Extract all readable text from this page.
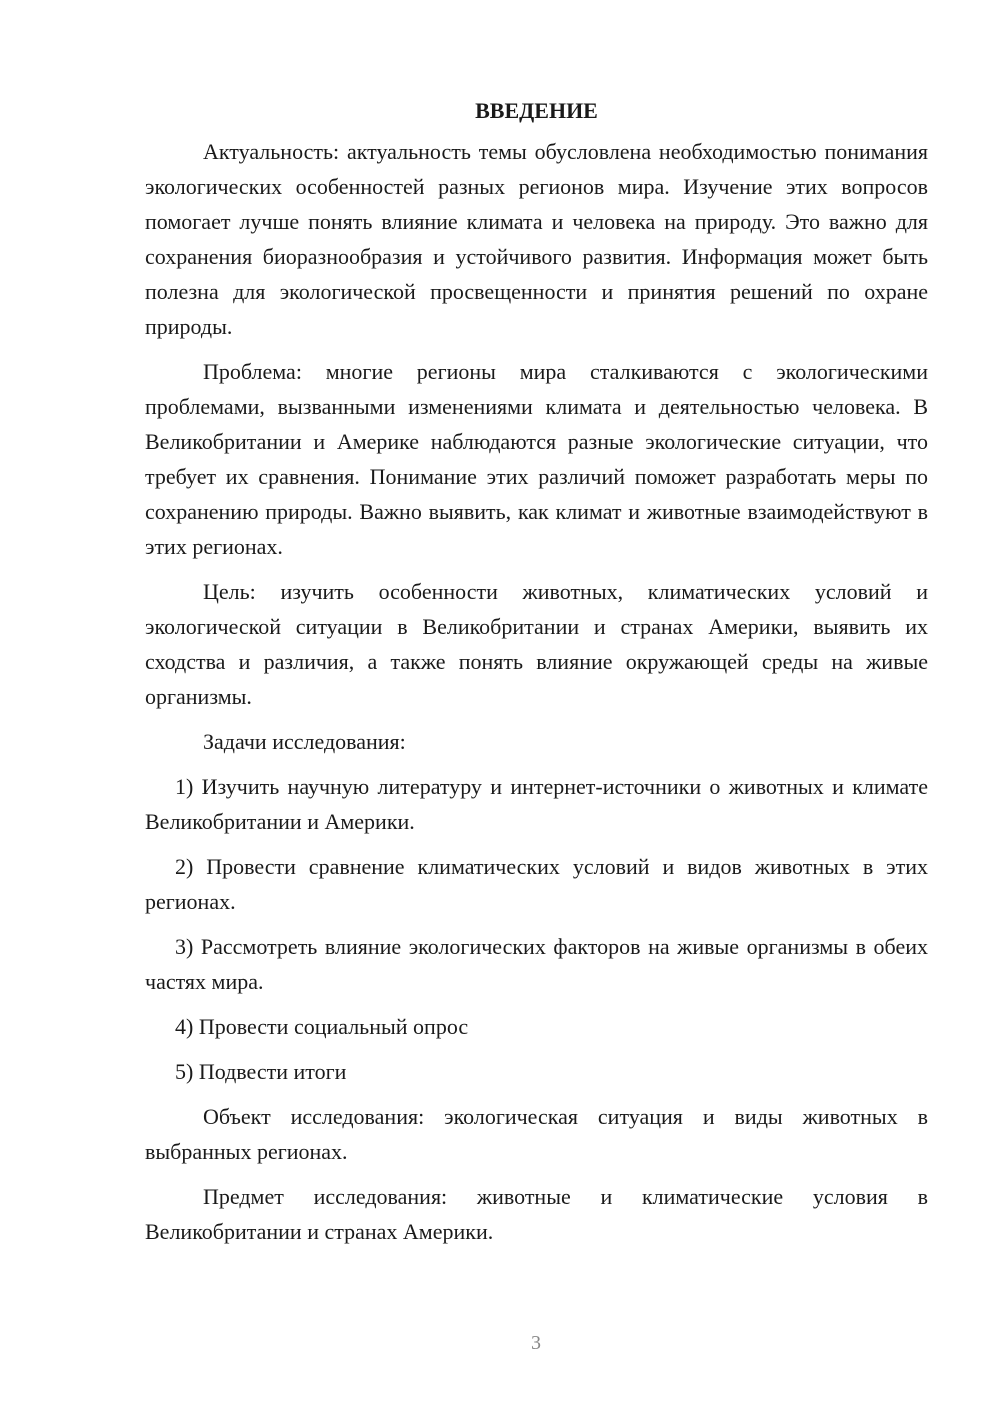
ВВЕДЕНИЕ

Актуальность: актуальность темы обусловлена необходимостью понимания экологических особенностей разных регионов мира. Изучение этих вопросов помогает лучше понять влияние климата и человека на природу. Это важно для сохранения биоразнообразия и устойчивого развития. Информация может быть полезна для экологической просвещенности и принятия решений по охране природы.

Проблема: многие регионы мира сталкиваются с экологическими проблемами, вызванными изменениями климата и деятельностью человека. В Великобритании и Америке наблюдаются разные экологические ситуации, что требует их сравнения. Понимание этих различий поможет разработать меры по сохранению природы. Важно выявить, как климат и животные взаимодействуют в этих регионах.

Цель: изучить особенности животных, климатических условий и экологической ситуации в Великобритании и странах Америки, выявить их сходства и различия, а также понять влияние окружающей среды на живые организмы.

Задачи исследования:

1) Изучить научную литературу и интернет-источники о животных и климате Великобритании и Америки.

2) Провести сравнение климатических условий и видов животных в этих регионах.

3) Рассмотреть влияние экологических факторов на живые организмы в обеих частях мира.

4) Провести социальный опрос

5) Подвести итоги

Объект исследования: экологическая ситуация и виды животных в выбранных регионах.

Предмет исследования: животные и климатические условия в Великобритании и странах Америки.

3
